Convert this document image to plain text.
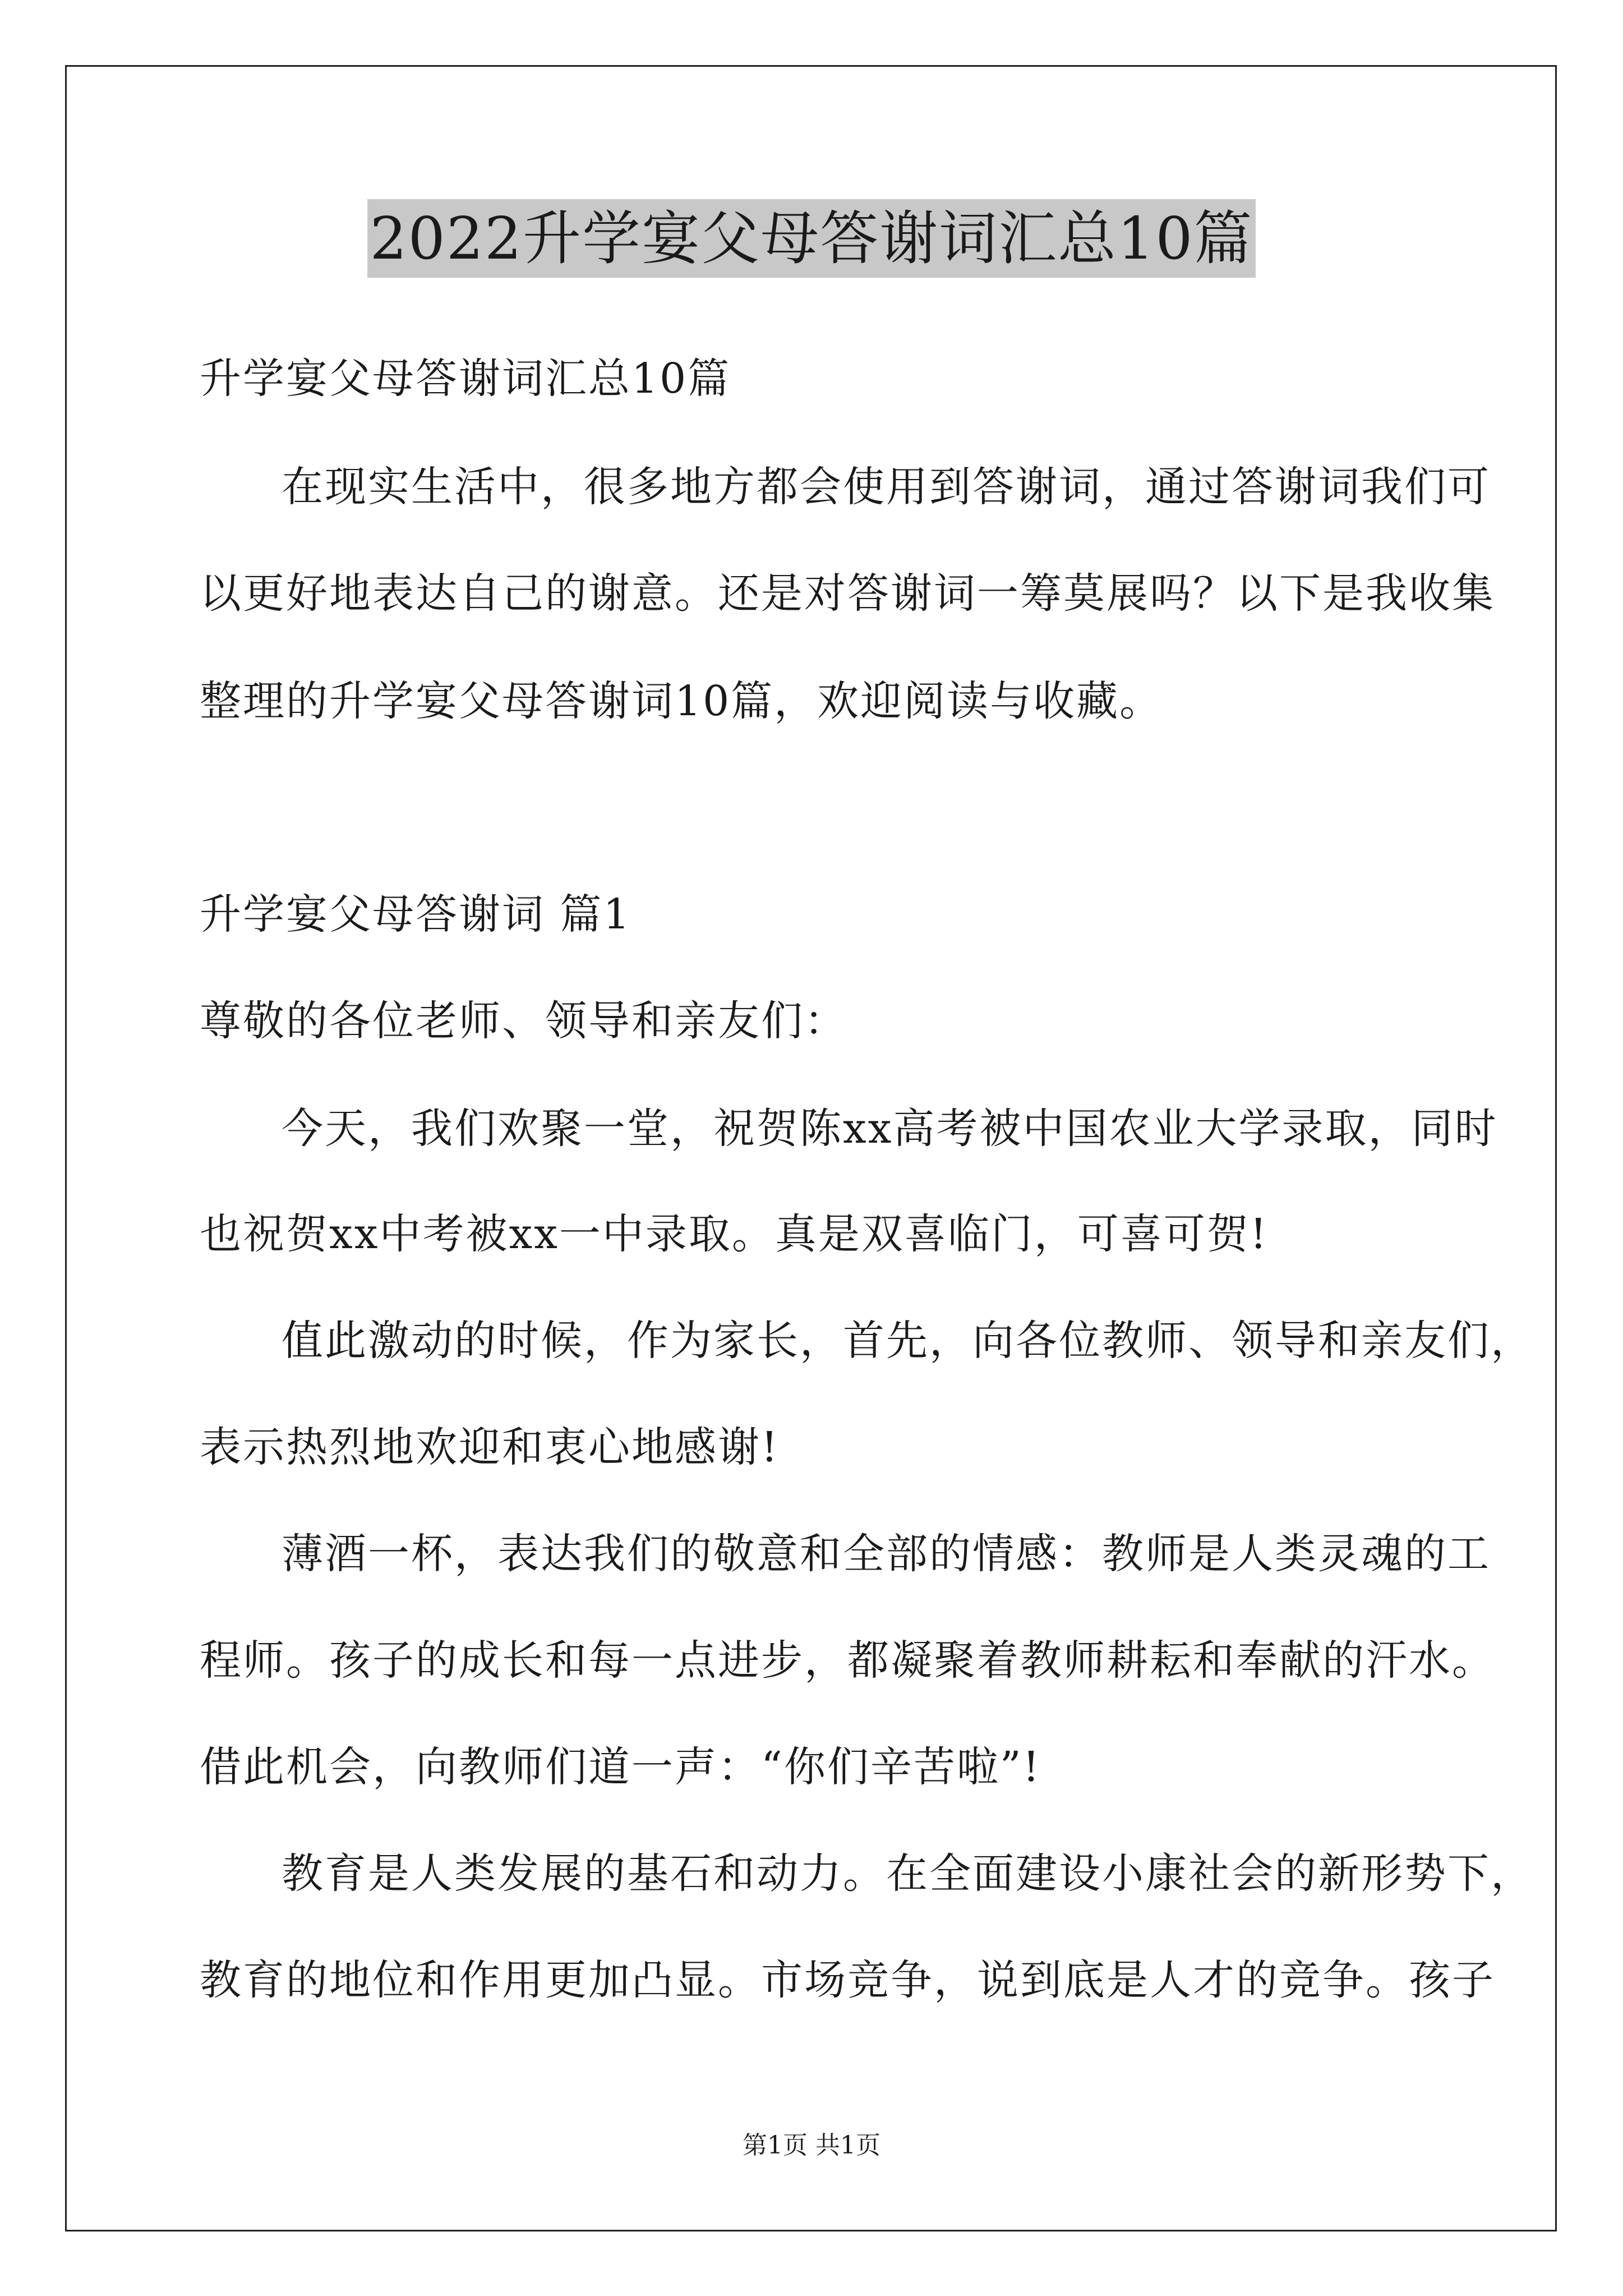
2022升学宴父母答谢词汇总10篇
升学宴父母答谢词汇总10篇
在现实生活中，很多地方都会使用到答谢词，通过答谢词我们可
以更好地表达自己的谢意。还是对答谢词一筹莫展吗？以下是我收集
整理的升学宴父母答谢词10篇，欢迎阅读与收藏。
升学宴父母答谢词 篇1
尊敬的各位老师、领导和亲友们：
今天，我们欢聚一堂，祝贺陈xx高考被中国农业大学录取，同时
也祝贺xx中考被xx一中录取。真是双喜临门，可喜可贺!
值此激动的时候，作为家长，首先，向各位教师、领导和亲友们，
表示热烈地欢迎和衷心地感谢!
薄酒一杯，表达我们的敬意和全部的情感：教师是人类灵魂的工
程师。孩子的成长和每一点进步，都凝聚着教师耕耘和奉献的汗水。
借此机会，向教师们道一声：“你们辛苦啦”!
教育是人类发展的基石和动力。在全面建设小康社会的新形势下，
教育的地位和作用更加凸显。市场竞争，说到底是人才的竞争。孩子
第1页 共1页
